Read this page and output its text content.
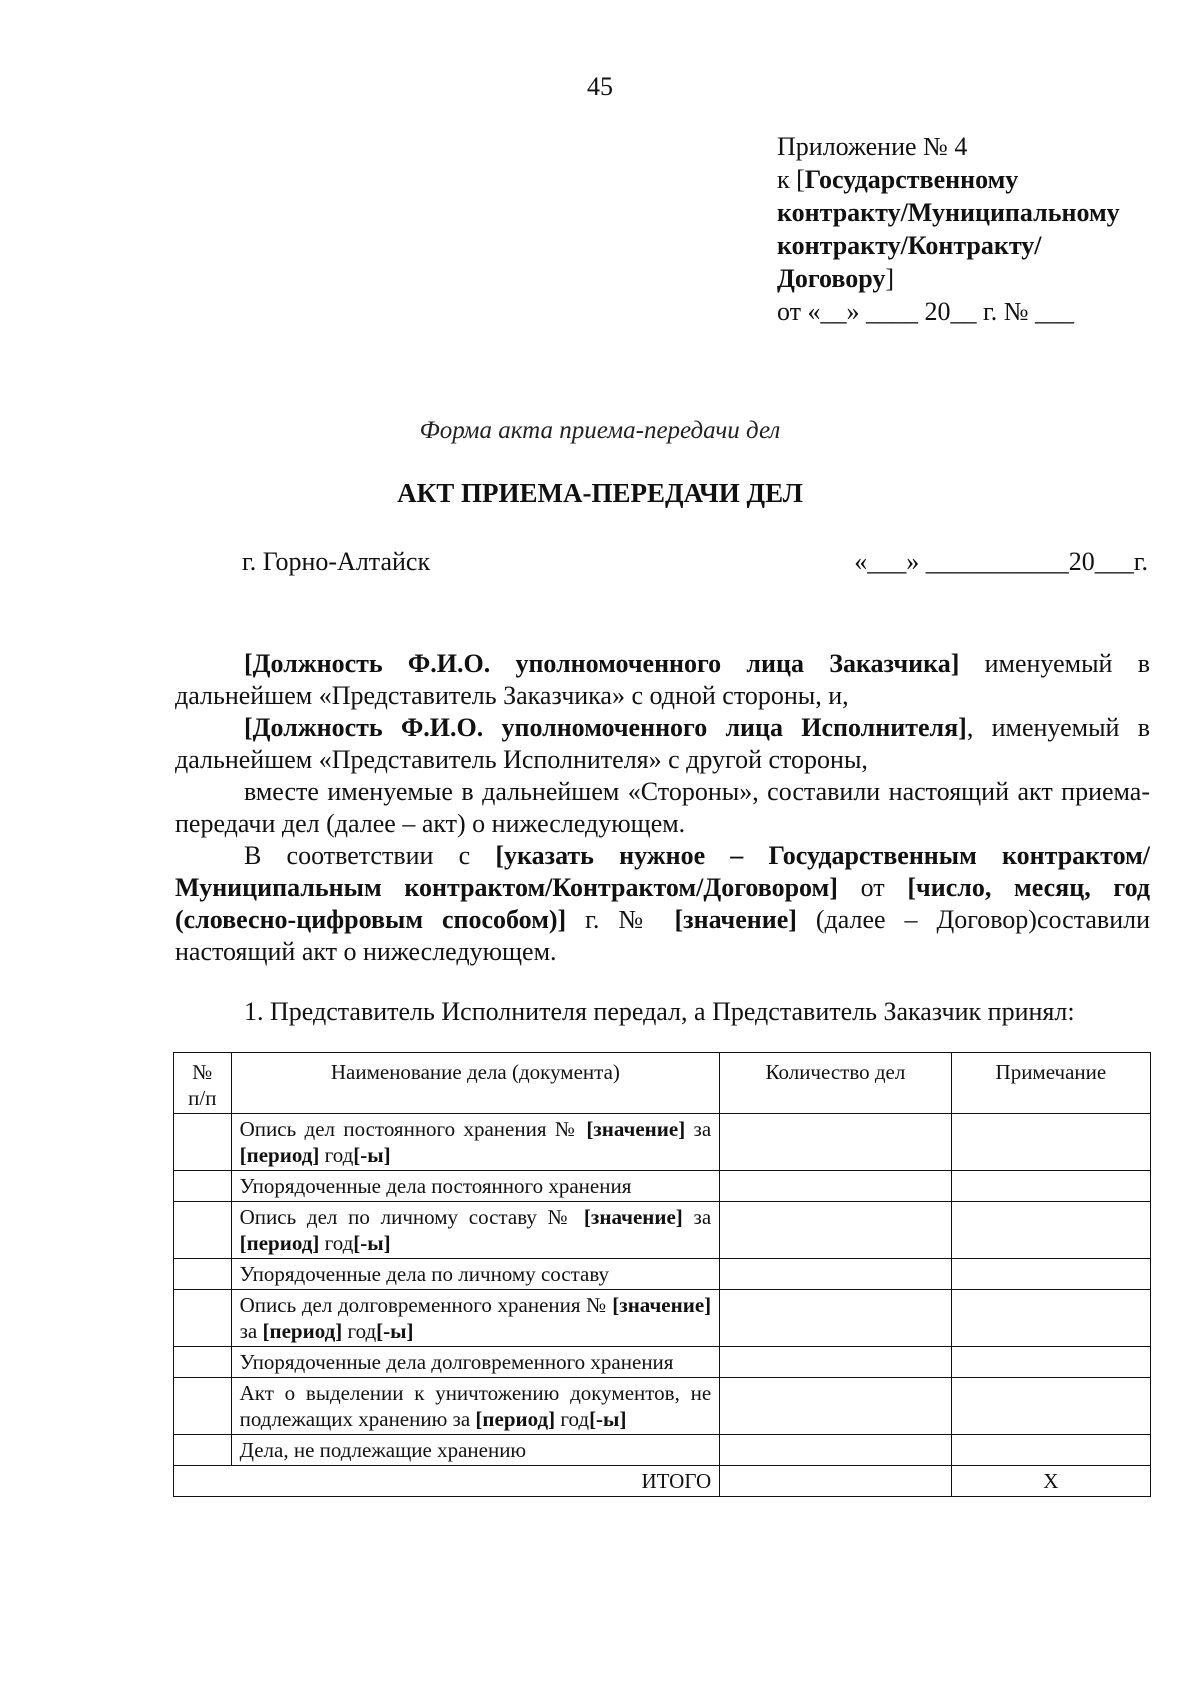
45
Приложение № 4
к [Государственному
контракту/Муниципальному
контракту/Контракту/
Договору]
от «__» ____ 20__ г. № ___
Форма акта приема-передачи дел
АКТ ПРИЕМА-ПЕРЕДАЧИ ДЕЛ
г. Горно-Алтайск	«___» ___________20___г.

[Должность Ф.И.О. уполномоченного лица Заказчика] именуемый в дальнейшем «Представитель Заказчика» с одной стороны, и,

[Должность Ф.И.О. уполномоченного лица Исполнителя], именуемый в дальнейшем «Представитель Исполнителя» с другой стороны,

вместе именуемые в дальнейшем «Стороны», составили настоящий акт приема-передачи дел (далее – акт) о нижеследующем.

В соответствии с [указать нужное – Государственным контрактом/Муниципальным контрактом/Контрактом/Договором] от [число, месяц, год (словесно-цифровым способом)] г. № [значение] (далее – Договор)составили настоящий акт о нижеследующем.

1. Представитель Исполнителя передал, а Представитель Заказчик принял:
№ п/п	Наименование дела (документа)	Количество дел	Примечание
	Опись дел постоянного хранения № [значение] за [период] год[-ы]		
	Упорядоченные дела постоянного хранения		
	Опись дел по личному составу № [значение] за [период] год[-ы]		
	Упорядоченные дела по личному составу		
	Опись дел долговременного хранения № [значение] за [период] год[-ы]		
	Упорядоченные дела долговременного хранения		
	Акт о выделении к уничтожению документов, не подлежащих хранению за [период] год[-ы]		
	Дела, не подлежащие хранению		
ИТОГО			Х
